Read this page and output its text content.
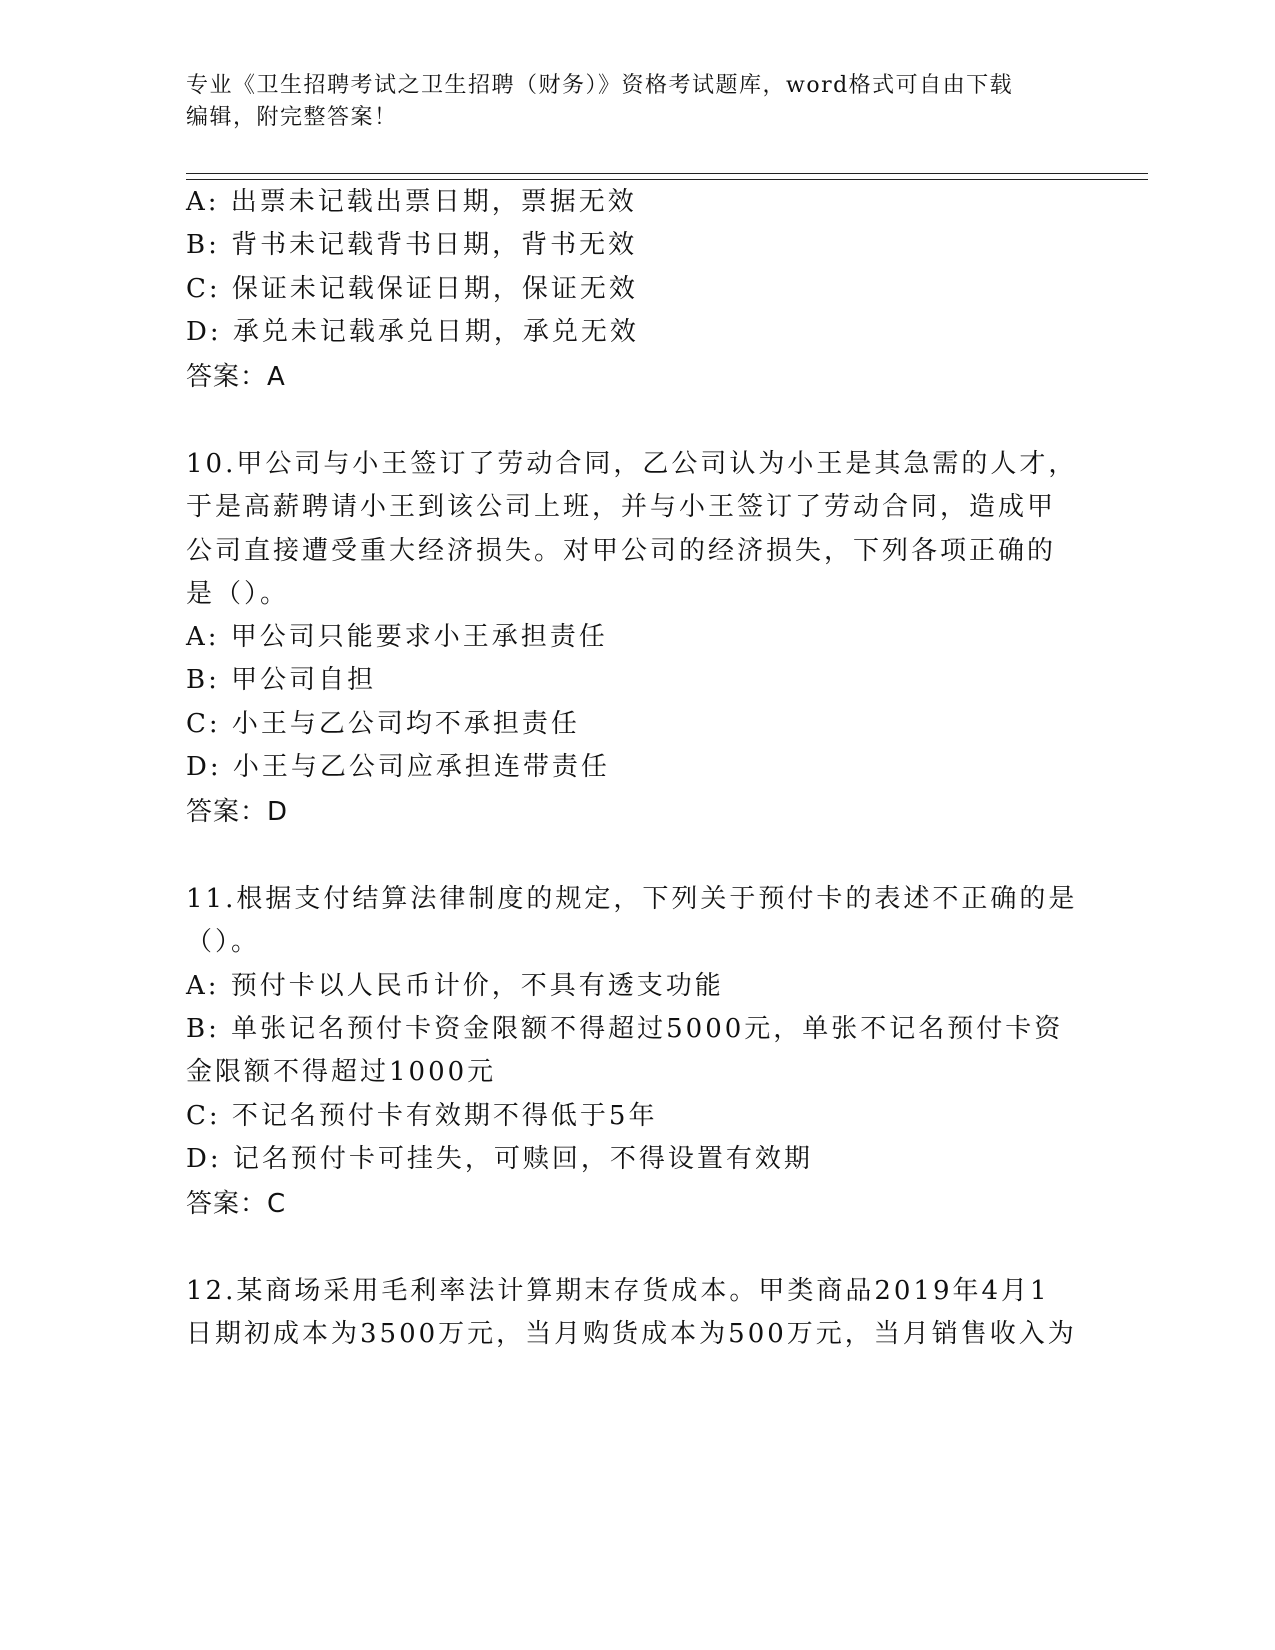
专业《卫生招聘考试之卫生招聘（财务）》资格考试题库，word格式可自由下载
编辑，附完整答案！
A: 出票未记载出票日期，票据无效
B: 背书未记载背书日期，背书无效
C: 保证未记载保证日期，保证无效
D: 承兑未记载承兑日期，承兑无效
答案：A
10.甲公司与小王签订了劳动合同，乙公司认为小王是其急需的人才，
于是高薪聘请小王到该公司上班，并与小王签订了劳动合同，造成甲
公司直接遭受重大经济损失。对甲公司的经济损失，下列各项正确的
是（）。
A: 甲公司只能要求小王承担责任
B: 甲公司自担
C: 小王与乙公司均不承担责任
D: 小王与乙公司应承担连带责任
答案：D
11.根据支付结算法律制度的规定，下列关于预付卡的表述不正确的是
（）。
A: 预付卡以人民币计价，不具有透支功能
B: 单张记名预付卡资金限额不得超过5000元，单张不记名预付卡资
金限额不得超过1000元
C: 不记名预付卡有效期不得低于5年
D: 记名预付卡可挂失，可赎回，不得设置有效期
答案：C
12.某商场采用毛利率法计算期末存货成本。甲类商品2019年4月1
日期初成本为3500万元，当月购货成本为500万元，当月销售收入为
